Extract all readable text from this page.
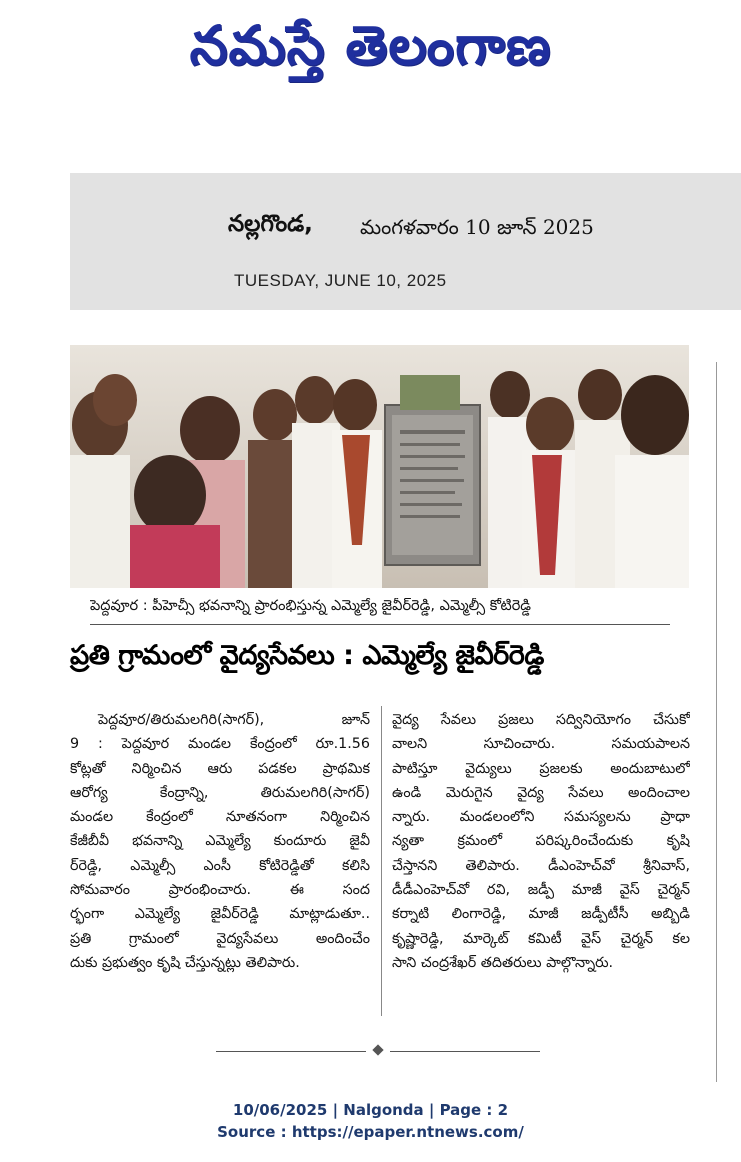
నమస్తే తెలంగాణ
నల్లగొండ, మంగళవారం 10 జూన్ 2025
TUESDAY, JUNE 10, 2025
పెద్దవూర : పీహెచ్సీ భవనాన్ని ప్రారంభిస్తున్న ఎమ్మెల్యే జైవీర్‌రెడ్డి, ఎమ్మెల్సీ కోటిరెడ్డి
ప్రతి గ్రామంలో వైద్యసేవలు : ఎమ్మెల్యే జైవీర్‌రెడ్డి
పెద్దవూర/తిరుమలగిరి(సాగర్), జూన్
9 : పెద్దవూర మండల కేంద్రంలో రూ.1.56
కోట్లతో నిర్మించిన ఆరు పడకల ప్రాథమిక
ఆరోగ్య కేంద్రాన్ని, తిరుమలగిరి(సాగర్)
మండల కేంద్రంలో నూతనంగా నిర్మించిన
కేజీబీవీ భవనాన్ని ఎమ్మెల్యే కుందూరు జైవీ
ర్‌రెడ్డి, ఎమ్మెల్సీ ఎంసీ కోటిరెడ్డితో కలిసి
సోమవారం ప్రారంభించారు. ఈ సంద
ర్భంగా ఎమ్మెల్యే జైవీర్‌రెడ్డి మాట్లాడుతూ..
ప్రతి గ్రామంలో వైద్యసేవలు అందించేం
దుకు ప్రభుత్వం కృషి చేస్తున్నట్లు తెలిపారు.
వైద్య సేవలు ప్రజలు సద్వినియోగం చేసుకో
వాలని సూచించారు. సమయపాలన
పాటిస్తూ వైద్యులు ప్రజలకు అందుబాటులో
ఉండి మెరుగైన వైద్య సేవలు అందించాల
న్నారు. మండలంలోని సమస్యలను ప్రాధా
న్యతా క్రమంలో పరిష్కరించేందుకు కృషి
చేస్తానని తెలిపారు. డీఎంహెచ్‌వో శ్రీనివాస్,
డీడీఎంహెచ్‌వో రవి, జడ్పీ మాజీ వైస్ చైర్మన్
కర్నాటి లింగారెడ్డి, మాజీ జడ్పీటీసీ అబ్బిడి
కృష్ణారెడ్డి, మార్కెట్ కమిటీ వైస్ చైర్మన్ కల
సాని చంద్రశేఖర్ తదితరులు పాల్గొన్నారు.
10/06/2025 | Nalgonda | Page : 2
Source : https://epaper.ntnews.com/
